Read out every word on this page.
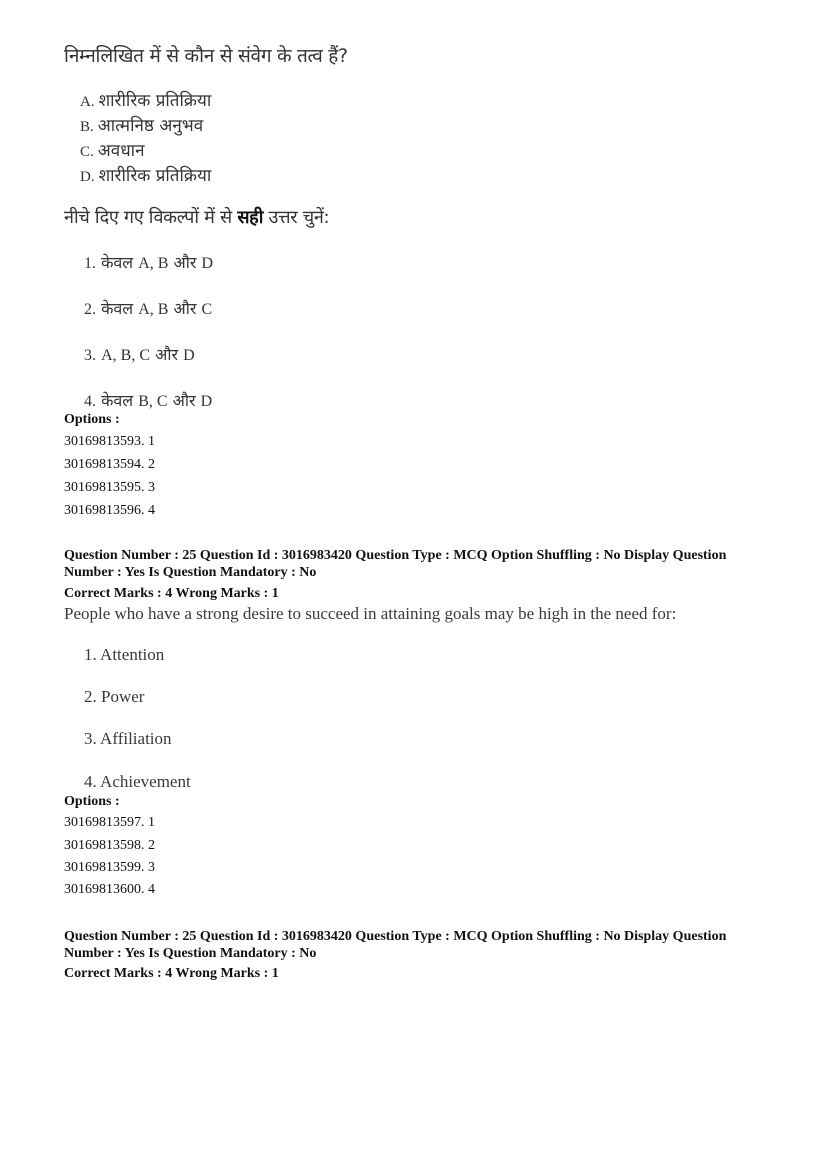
निम्नलिखित में से कौन से संवेग के तत्व हैं?
A. शारीरिक प्रतिक्रिया
B. आत्मनिष्ठ अनुभव
C. अवधान
D. शारीरिक प्रतिक्रिया
नीचे दिए गए विकल्पों में से सही उत्तर चुनें:
1. केवल A, B और D
2. केवल A, B और C
3. A, B, C और D
4. केवल B, C और D
Options :
30169813593. 1
30169813594. 2
30169813595. 3
30169813596. 4
Question Number : 25 Question Id : 3016983420 Question Type : MCQ Option Shuffling : No Display Question
Number : Yes Is Question Mandatory : No
Correct Marks : 4 Wrong Marks : 1
People who have a strong desire to succeed in attaining goals may be high in the need for:
1. Attention
2. Power
3. Affiliation
4. Achievement
Options :
30169813597. 1
30169813598. 2
30169813599. 3
30169813600. 4
Question Number : 25 Question Id : 3016983420 Question Type : MCQ Option Shuffling : No Display Question
Number : Yes Is Question Mandatory : No
Correct Marks : 4 Wrong Marks : 1
